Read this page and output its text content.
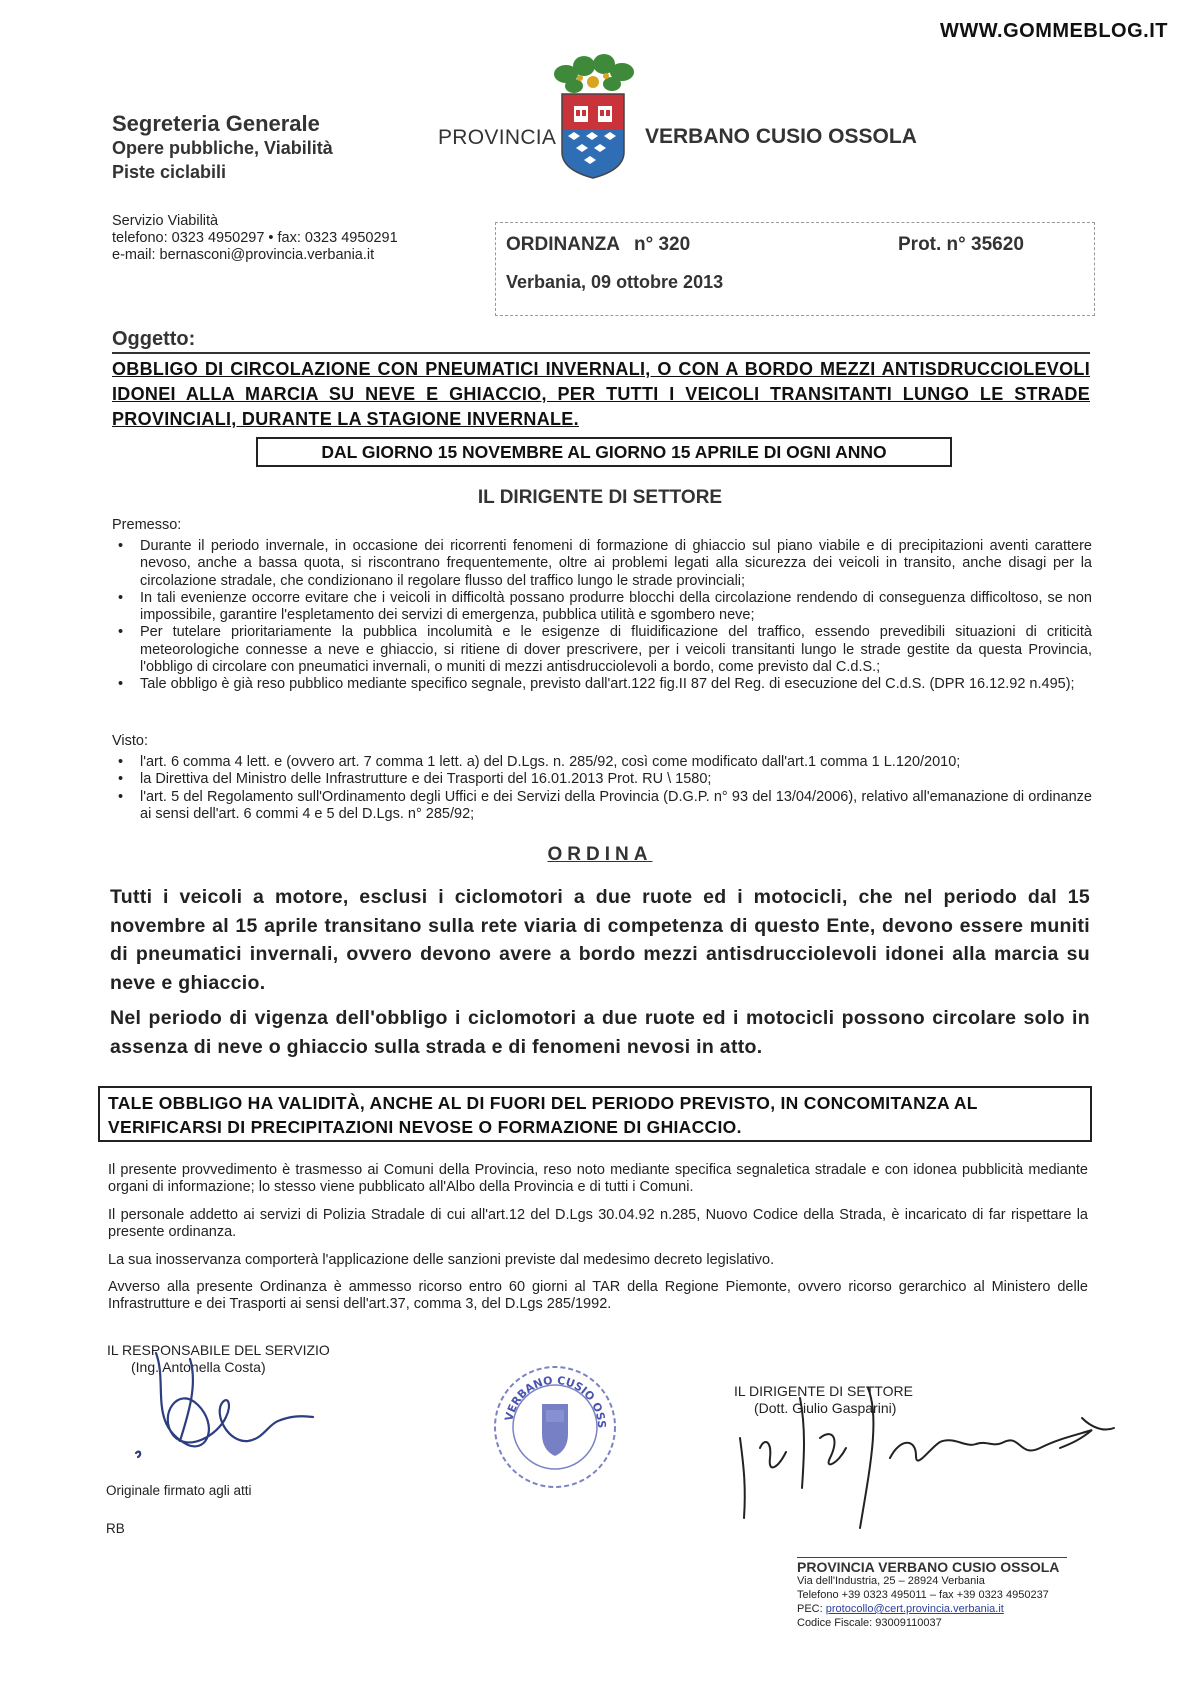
WWW.GOMMEBLOG.IT
Segreteria Generale
Opere pubbliche, Viabilità
Piste ciclabili
Servizio Viabilità
telefono: 0323 4950297 • fax: 0323 4950291
e-mail: bernasconi@provincia.verbania.it
PROVINCIA	VERBANO CUSIO OSSOLA
ORDINANZA n° 320	Prot. n° 35620
Verbania, 09 ottobre 2013
Oggetto:
OBBLIGO DI CIRCOLAZIONE CON PNEUMATICI INVERNALI, O CON A BORDO MEZZI ANTISDRUCCIOLEVOLI IDONEI ALLA MARCIA SU NEVE E GHIACCIO, PER TUTTI I VEICOLI TRANSITANTI LUNGO LE STRADE PROVINCIALI, DURANTE LA STAGIONE INVERNALE.
DAL GIORNO 15 NOVEMBRE AL GIORNO 15 APRILE DI OGNI ANNO
IL DIRIGENTE DI SETTORE
Premesso:
• Durante il periodo invernale, in occasione dei ricorrenti fenomeni di formazione di ghiaccio sul piano viabile e di precipitazioni aventi carattere nevoso, anche a bassa quota, si riscontrano frequentemente, oltre ai problemi legati alla sicurezza dei veicoli in transito, anche disagi per la circolazione stradale, che condizionano il regolare flusso del traffico lungo le strade provinciali;
• In tali evenienze occorre evitare che i veicoli in difficoltà possano produrre blocchi della circolazione rendendo di conseguenza difficoltoso, se non impossibile, garantire l'espletamento dei servizi di emergenza, pubblica utilità e sgombero neve;
• Per tutelare prioritariamente la pubblica incolumità e le esigenze di fluidificazione del traffico, essendo prevedibili situazioni di criticità meteorologiche connesse a neve e ghiaccio, si ritiene di dover prescrivere, per i veicoli transitanti lungo le strade gestite da questa Provincia, l'obbligo di circolare con pneumatici invernali, o muniti di mezzi antisdrucciolevoli a bordo, come previsto dal C.d.S.;
• Tale obbligo è già reso pubblico mediante specifico segnale, previsto dall'art.122 fig.II 87 del Reg. di esecuzione del C.d.S. (DPR 16.12.92 n.495);
Visto:
• l'art. 6 comma 4 lett. e (ovvero art. 7 comma 1 lett. a) del D.Lgs. n. 285/92, così come modificato dall'art.1 comma 1 L.120/2010;
• la Direttiva del Ministro delle Infrastrutture e dei Trasporti del 16.01.2013 Prot. RU \ 1580;
• l'art. 5 del Regolamento sull'Ordinamento degli Uffici e dei Servizi della Provincia (D.G.P. n° 93 del 13/04/2006), relativo all'emanazione di ordinanze ai sensi dell'art. 6 commi 4 e 5 del D.Lgs. n° 285/92;
ORDINA
Tutti i veicoli a motore, esclusi i ciclomotori a due ruote ed i motocicli, che nel periodo dal 15 novembre al 15 aprile transitano sulla rete viaria di competenza di questo Ente, devono essere muniti di pneumatici invernali, ovvero devono avere a bordo mezzi antisdrucciolevoli idonei alla marcia su neve e ghiaccio.
Nel periodo di vigenza dell'obbligo i ciclomotori a due ruote ed i motocicli possono circolare solo in assenza di neve o ghiaccio sulla strada e di fenomeni nevosi in atto.
TALE OBBLIGO HA VALIDITÀ, ANCHE AL DI FUORI DEL PERIODO PREVISTO, IN CONCOMITANZA AL VERIFICARSI DI PRECIPITAZIONI NEVOSE O FORMAZIONE DI GHIACCIO.
Il presente provvedimento è trasmesso ai Comuni della Provincia, reso noto mediante specifica segnaletica stradale e con idonea pubblicità mediante organi di informazione; lo stesso viene pubblicato all'Albo della Provincia e di tutti i Comuni.
Il personale addetto ai servizi di Polizia Stradale di cui all'art.12 del D.Lgs 30.04.92 n.285, Nuovo Codice della Strada, è incaricato di far rispettare la presente ordinanza.
La sua inosservanza comporterà l'applicazione delle sanzioni previste dal medesimo decreto legislativo.
Avverso alla presente Ordinanza è ammesso ricorso entro 60 giorni al TAR della Regione Piemonte, ovvero ricorso gerarchico al Ministero delle Infrastrutture e dei Trasporti ai sensi dell'art.37, comma 3, del D.Lgs 285/1992.
IL RESPONSABILE DEL SERVIZIO
(Ing. Antonella Costa)
Originale firmato agli atti
RB
VERBANO CUSIO OSS
IL DIRIGENTE DI SETTORE
(Dott. Giulio Gasparini)
PROVINCIA VERBANO CUSIO OSSOLA
Via dell'Industria, 25 – 28924 Verbania
Telefono +39 0323 495011 – fax +39 0323 4950237
PEC: protocollo@cert.provincia.verbania.it
Codice Fiscale: 93009110037
